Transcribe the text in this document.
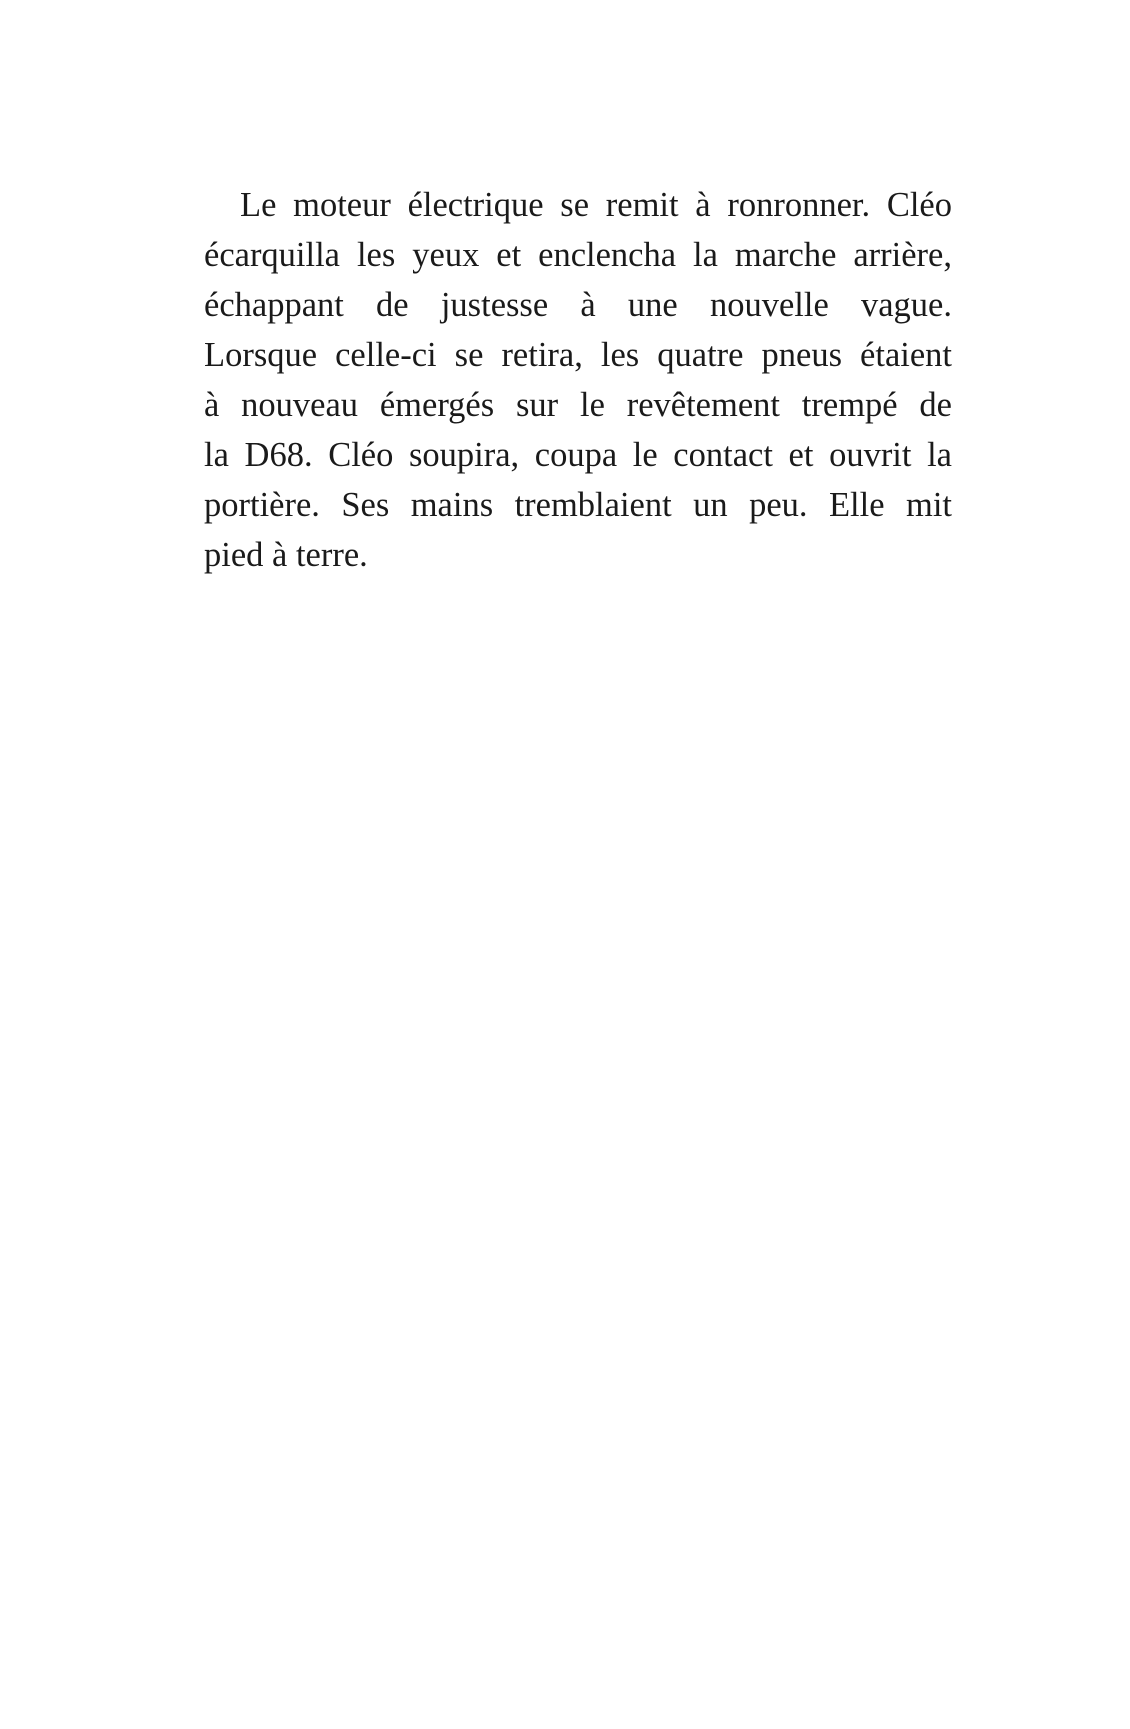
Le moteur électrique se remit à ronronner. Cléo
écarquilla les yeux et enclencha la marche arrière,
échappant de justesse à une nouvelle vague.
Lorsque celle-ci se retira, les quatre pneus étaient
à nouveau émergés sur le revêtement trempé de
la D68. Cléo soupira, coupa le contact et ouvrit la
portière. Ses mains tremblaient un peu. Elle mit
pied à terre.
